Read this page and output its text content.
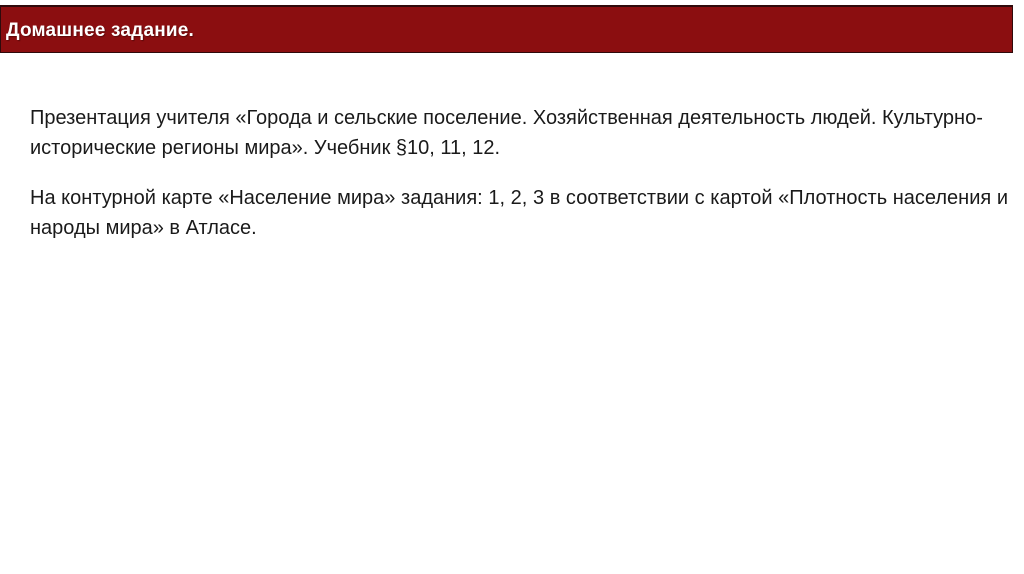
Домашнее задание.

Презентация учителя «Города и сельские поселение. Хозяйственная деятельность людей. Культурно-исторические регионы мира». Учебник §10, 11, 12.

На контурной карте «Население мира» задания: 1, 2, 3 в соответствии с картой «Плотность населения и народы мира» в Атласе.
